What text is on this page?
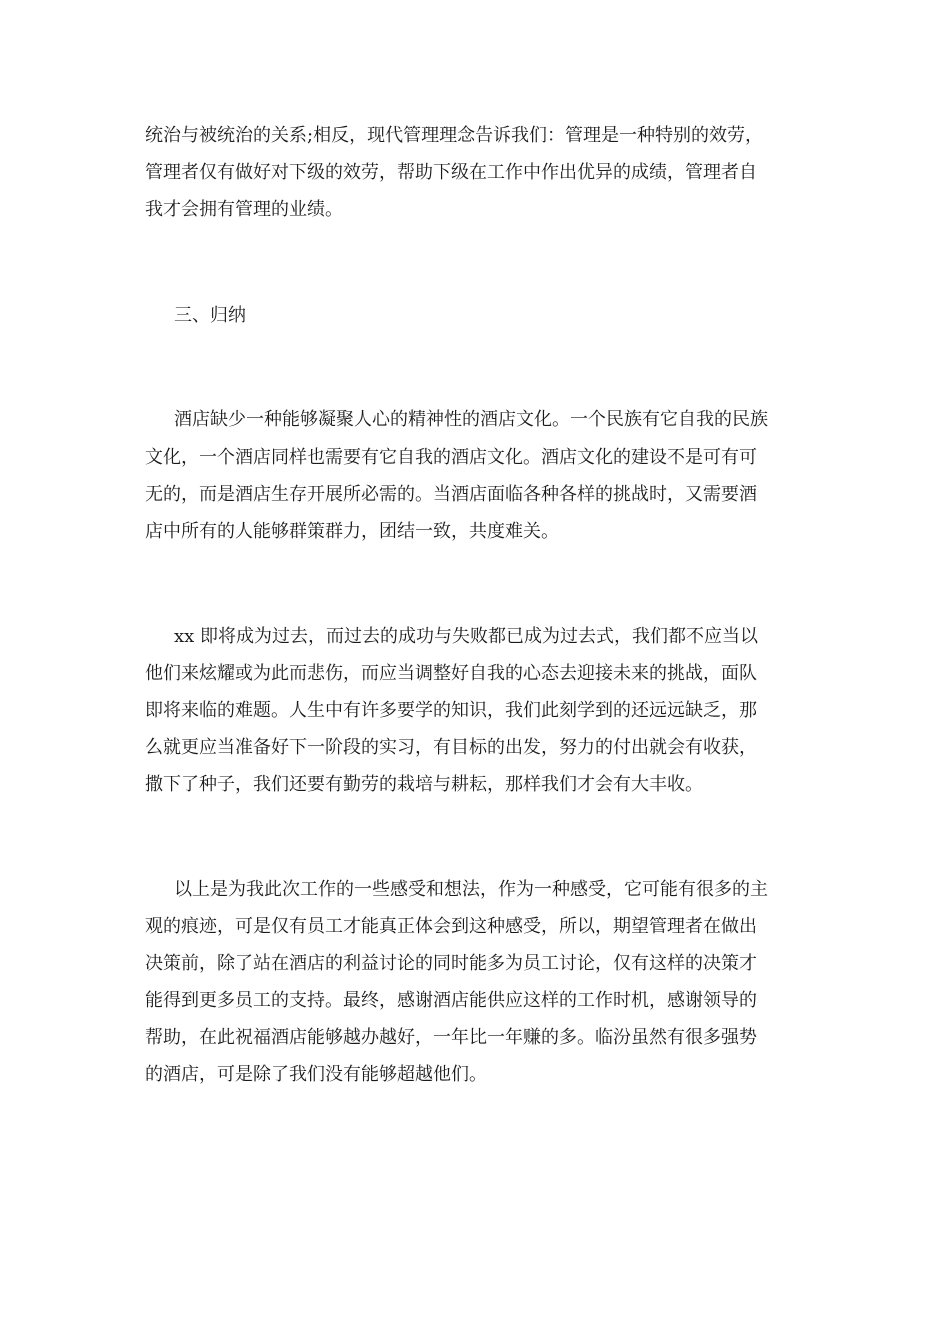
统治与被统治的关系;相反，现代管理理念告诉我们：管理是一种特别的效劳，
管理者仅有做好对下级的效劳，帮助下级在工作中作出优异的成绩，管理者自
我才会拥有管理的业绩。
三、归纳
酒店缺少一种能够凝聚人心的精神性的酒店文化。一个民族有它自我的民族
文化，一个酒店同样也需要有它自我的酒店文化。酒店文化的建设不是可有可
无的，而是酒店生存开展所必需的。当酒店面临各种各样的挑战时，又需要酒
店中所有的人能够群策群力，团结一致，共度难关。
xx 即将成为过去，而过去的成功与失败都已成为过去式，我们都不应当以
他们来炫耀或为此而悲伤，而应当调整好自我的心态去迎接未来的挑战，面队
即将来临的难题。人生中有许多要学的知识，我们此刻学到的还远远缺乏，那
么就更应当准备好下一阶段的实习，有目标的出发，努力的付出就会有收获，
撒下了种子，我们还要有勤劳的栽培与耕耘，那样我们才会有大丰收。
以上是为我此次工作的一些感受和想法，作为一种感受，它可能有很多的主
观的痕迹，可是仅有员工才能真正体会到这种感受，所以，期望管理者在做出
决策前，除了站在酒店的利益讨论的同时能多为员工讨论，仅有这样的决策才
能得到更多员工的支持。最终，感谢酒店能供应这样的工作时机，感谢领导的
帮助，在此祝福酒店能够越办越好，一年比一年赚的多。临汾虽然有很多强势
的酒店，可是除了我们没有能够超越他们。
